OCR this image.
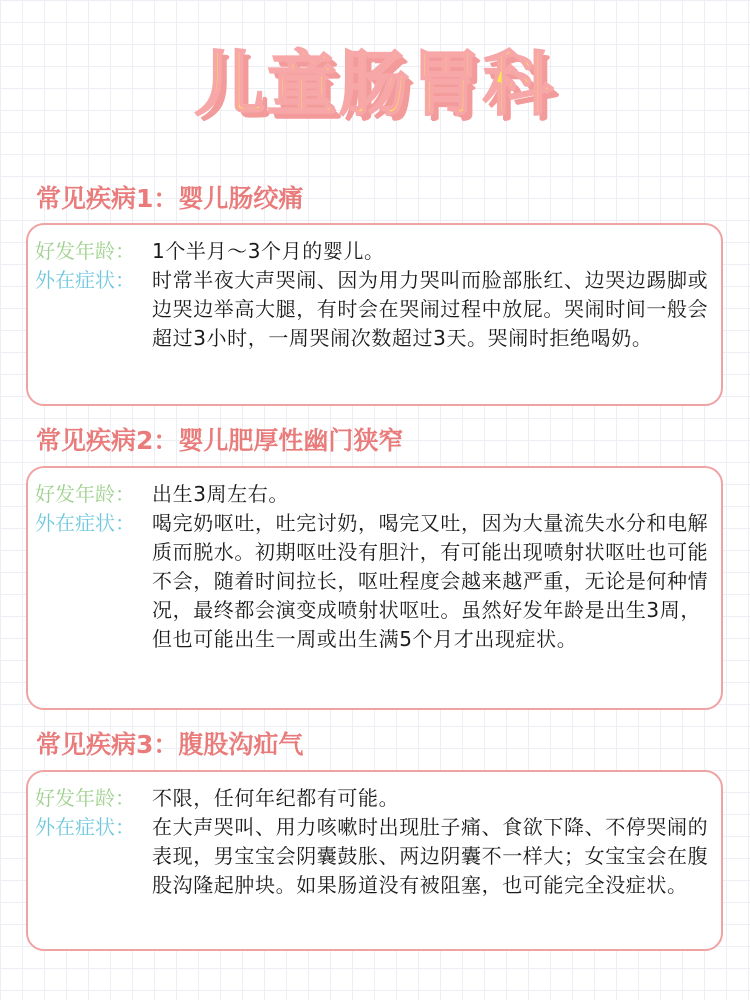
儿童肠胃科
常见疾病1：婴儿肠绞痛
好发年龄： 1个半月～3个月的婴儿。
外在症状： 时常半夜大声哭闹、因为用力哭叫而脸部胀红、边哭边踢脚或边哭边举高大腿，有时会在哭闹过程中放屁。哭闹时间一般会超过3小时，一周哭闹次数超过3天。哭闹时拒绝喝奶。
常见疾病2：婴儿肥厚性幽门狭窄
好发年龄： 出生3周左右。
外在症状： 喝完奶呕吐，吐完讨奶，喝完又吐，因为大量流失水分和电解质而脱水。初期呕吐没有胆汁，有可能出现喷射状呕吐也可能不会，随着时间拉长，呕吐程度会越来越严重，无论是何种情况，最终都会演变成喷射状呕吐。虽然好发年龄是出生3周，但也可能出生一周或出生满5个月才出现症状。
常见疾病3：腹股沟疝气
好发年龄： 不限，任何年纪都有可能。
外在症状： 在大声哭叫、用力咳嗽时出现肚子痛、食欲下降、不停哭闹的表现，男宝宝会阴囊鼓胀、两边阴囊不一样大；女宝宝会在腹股沟隆起肿块。如果肠道没有被阻塞，也可能完全没症状。
